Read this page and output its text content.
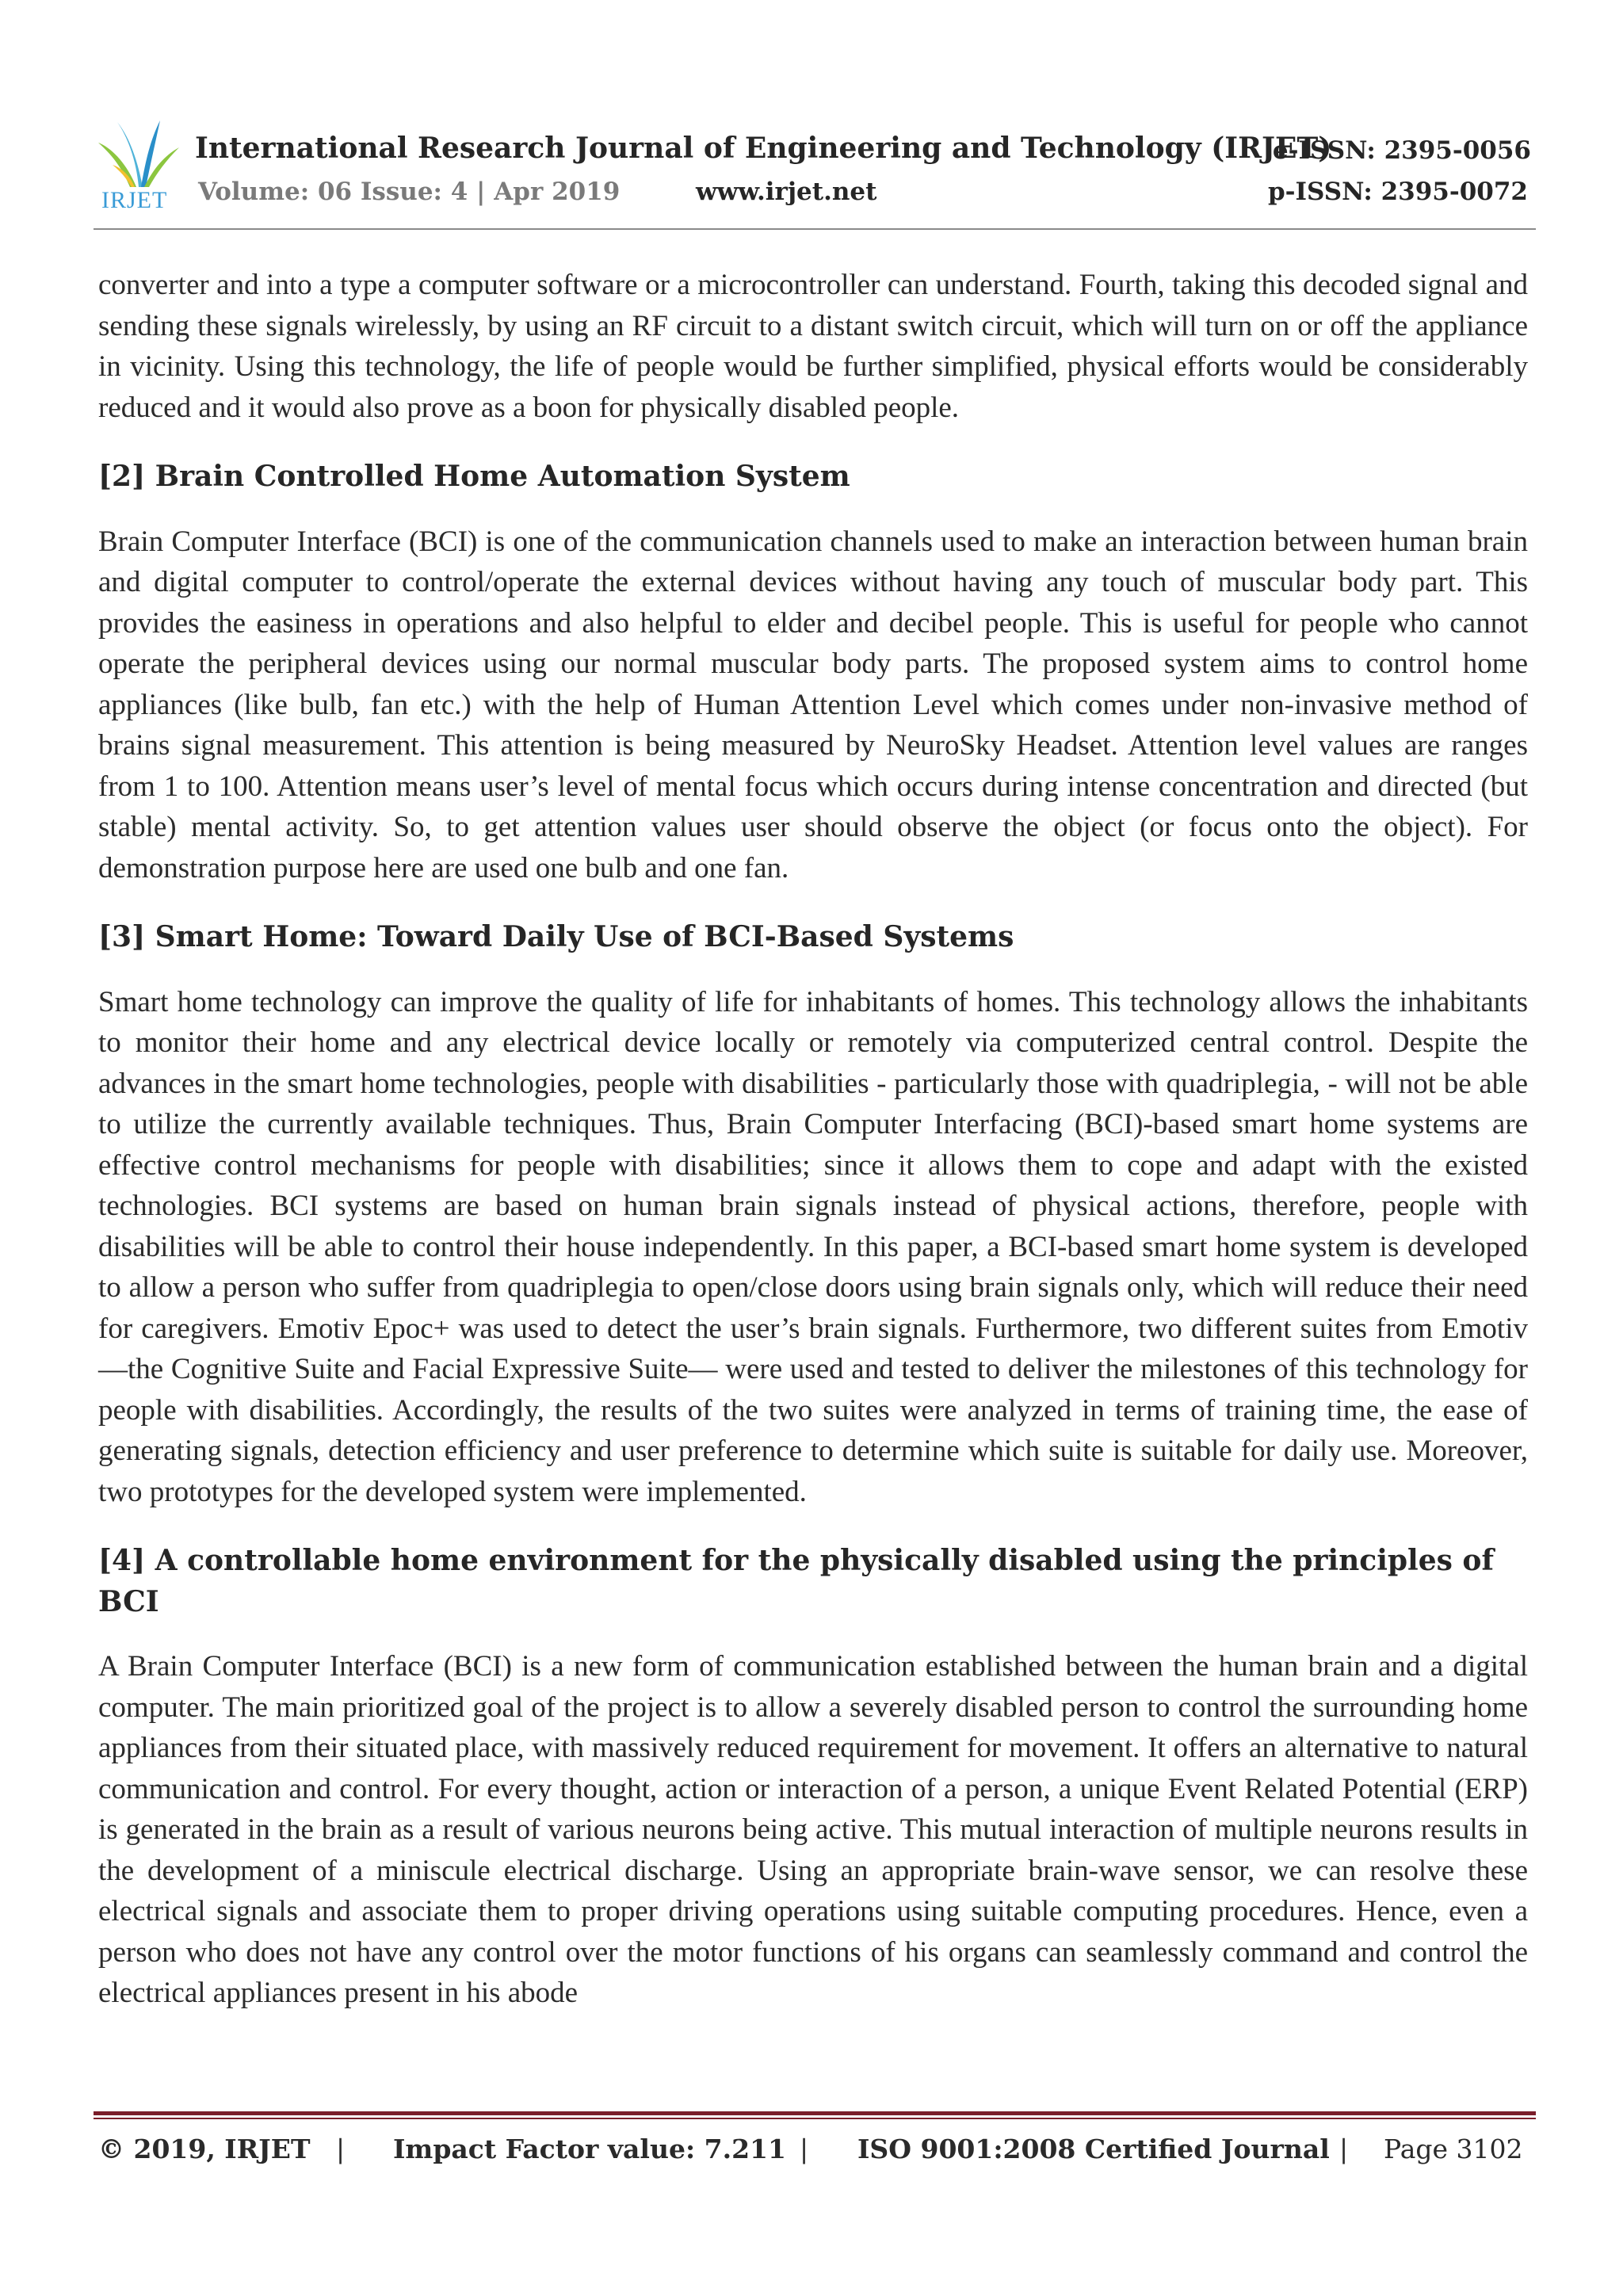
IRJET
International Research Journal of Engineering and Technology (IRJET)
e-ISSN: 2395-0056
Volume: 06 Issue: 4 | Apr 2019	www.irjet.net	p-ISSN: 2395-0072

converter and into a type a computer software or a microcontroller can understand. Fourth, taking this decoded signal and sending these signals wirelessly, by using an RF circuit to a distant switch circuit, which will turn on or off the appliance in vicinity. Using this technology, the life of people would be further simplified, physical efforts would be considerably reduced and it would also prove as a boon for physically disabled people.

[2] Brain Controlled Home Automation System

Brain Computer Interface (BCI) is one of the communication channels used to make an interaction between human brain and digital computer to control/operate the external devices without having any touch of muscular body part. This provides the easiness in operations and also helpful to elder and decibel people. This is useful for people who cannot operate the peripheral devices using our normal muscular body parts. The proposed system aims to control home appliances (like bulb, fan etc.) with the help of Human Attention Level which comes under non-invasive method of brains signal measurement. This attention is being measured by NeuroSky Headset. Attention level values are ranges from 1 to 100. Attention means user’s level of mental focus which occurs during intense concentration and directed (but stable) mental activity. So, to get attention values user should observe the object (or focus onto the object). For demonstration purpose here are used one bulb and one fan.

[3] Smart Home: Toward Daily Use of BCI-Based Systems

Smart home technology can improve the quality of life for inhabitants of homes. This technology allows the inhabitants to monitor their home and any electrical device locally or remotely via computerized central control. Despite the advances in the smart home technologies, people with disabilities - particularly those with quadriplegia, - will not be able to utilize the currently available techniques. Thus, Brain Computer Interfacing (BCI)-based smart home systems are effective control mechanisms for people with disabilities; since it allows them to cope and adapt with the existed technologies. BCI systems are based on human brain signals instead of physical actions, therefore, people with disabilities will be able to control their house independently. In this paper, a BCI-based smart home system is developed to allow a person who suffer from quadriplegia to open/close doors using brain signals only, which will reduce their need for caregivers. Emotiv Epoc+ was used to detect the user’s brain signals. Furthermore, two different suites from Emotiv—the Cognitive Suite and Facial Expressive Suite— were used and tested to deliver the milestones of this technology for people with disabilities. Accordingly, the results of the two suites were analyzed in terms of training time, the ease of generating signals, detection efficiency and user preference to determine which suite is suitable for daily use. Moreover, two prototypes for the developed system were implemented.

[4] A controllable home environment for the physically disabled using the principles of BCI

A Brain Computer Interface (BCI) is a new form of communication established between the human brain and a digital computer. The main prioritized goal of the project is to allow a severely disabled person to control the surrounding home appliances from their situated place, with massively reduced requirement for movement. It offers an alternative to natural communication and control. For every thought, action or interaction of a person, a unique Event Related Potential (ERP) is generated in the brain as a result of various neurons being active. This mutual interaction of multiple neurons results in the development of a miniscule electrical discharge. Using an appropriate brain-wave sensor, we can resolve these electrical signals and associate them to proper driving operations using suitable computing procedures. Hence, even a person who does not have any control over the motor functions of his organs can seamlessly command and control the electrical appliances present in his abode

© 2019, IRJET | Impact Factor value: 7.211 | ISO 9001:2008 Certified Journal | Page 3102
